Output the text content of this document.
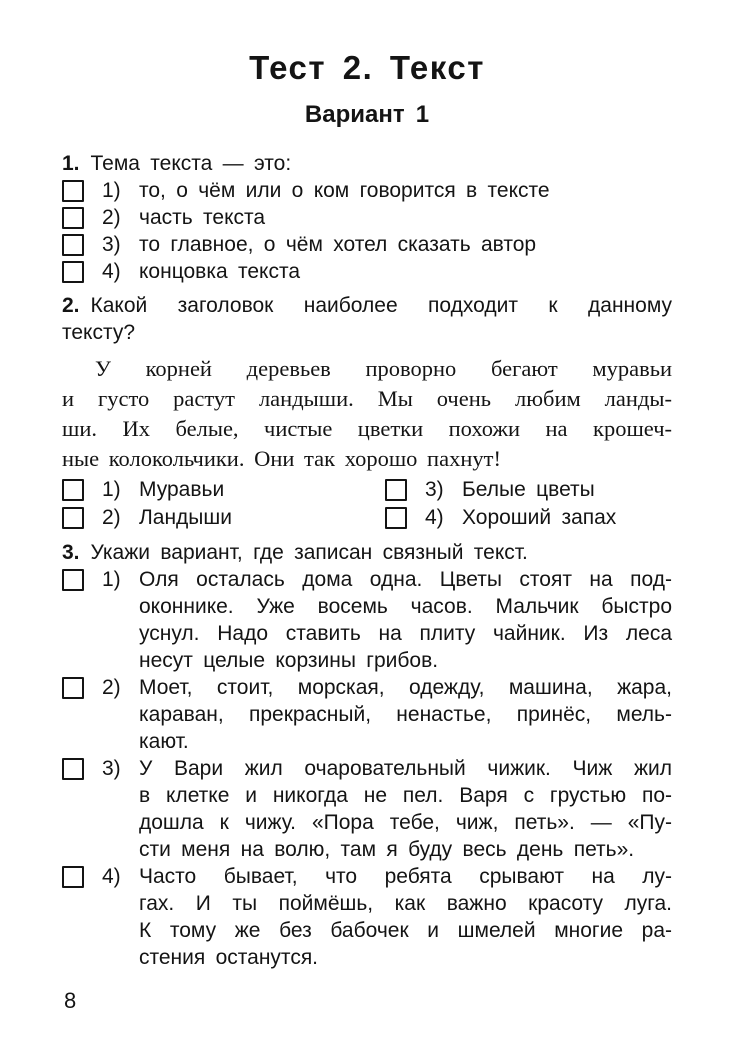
Тест 2. Текст
Вариант 1
1. Тема текста — это:
1) то, о чём или о ком говорится в тексте
2) часть текста
3) то главное, о чём хотел сказать автор
4) концовка текста
2. Какой заголовок наиболее подходит к данному
тексту?
У корней деревьев проворно бегают муравьи
и густо растут ландыши. Мы очень любим ланды-
ши. Их белые, чистые цветки похожи на крошеч-
ные колокольчики. Они так хорошо пахнут!
1) Муравьи
2) Ландыши
3) Белые цветы
4) Хороший запах
3. Укажи вариант, где записан связный текст.
1) Оля осталась дома одна. Цветы стоят на под-
оконнике. Уже восемь часов. Мальчик быстро
уснул. Надо ставить на плиту чайник. Из леса
несут целые корзины грибов.
2) Моет, стоит, морская, одежду, машина, жара,
караван, прекрасный, ненастье, принёс, мель-
кают.
3) У Вари жил очаровательный чижик. Чиж жил
в клетке и никогда не пел. Варя с грустью по-
дошла к чижу. «Пора тебе, чиж, петь». — «Пу-
сти меня на волю, там я буду весь день петь».
4) Часто бывает, что ребята срывают на лу-
гах. И ты поймёшь, как важно красоту луга.
К тому же без бабочек и шмелей многие ра-
стения останутся.
8
